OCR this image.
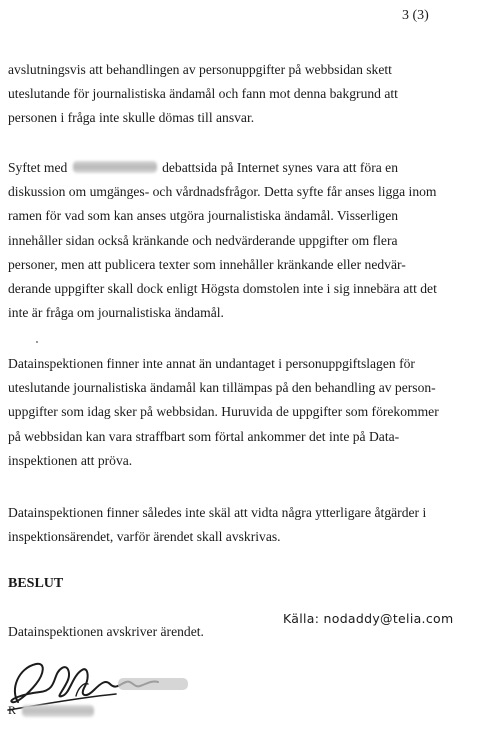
3 (3)

avslutningsvis att behandlingen av personuppgifter på webbsidan skett
uteslutande för journalistiska ändamål och fann mot denna bakgrund att
personen i fråga inte skulle dömas till ansvar.

Syftet med	debattsida på Internet synes vara att föra en
diskussion om umgänges- och vårdnadsfrågor. Detta syfte får anses ligga inom
ramen för vad som kan anses utgöra journalistiska ändamål. Visserligen
innehåller sidan också kränkande och nedvärderande uppgifter om flera
personer, men att publicera texter som innehåller kränkande eller nedvär-
derande uppgifter skall dock enligt Högsta domstolen inte i sig innebära att det
inte är fråga om journalistiska ändamål.

Datainspektionen finner inte annat än undantaget i personuppgiftslagen för
uteslutande journalistiska ändamål kan tillämpas på den behandling av person-
uppgifter som idag sker på webbsidan. Huruvida de uppgifter som förekommer
på webbsidan kan vara straffbart som förtal ankommer det inte på Data-
inspektionen att pröva.

Datainspektionen finner således inte skäl att vidta några ytterligare åtgärder i
inspektionsärendet, varför ärendet skall avskrivas.

BESLUT
Källa: nodaddy@telia.com

Datainspektionen avskriver ärendet.

R
